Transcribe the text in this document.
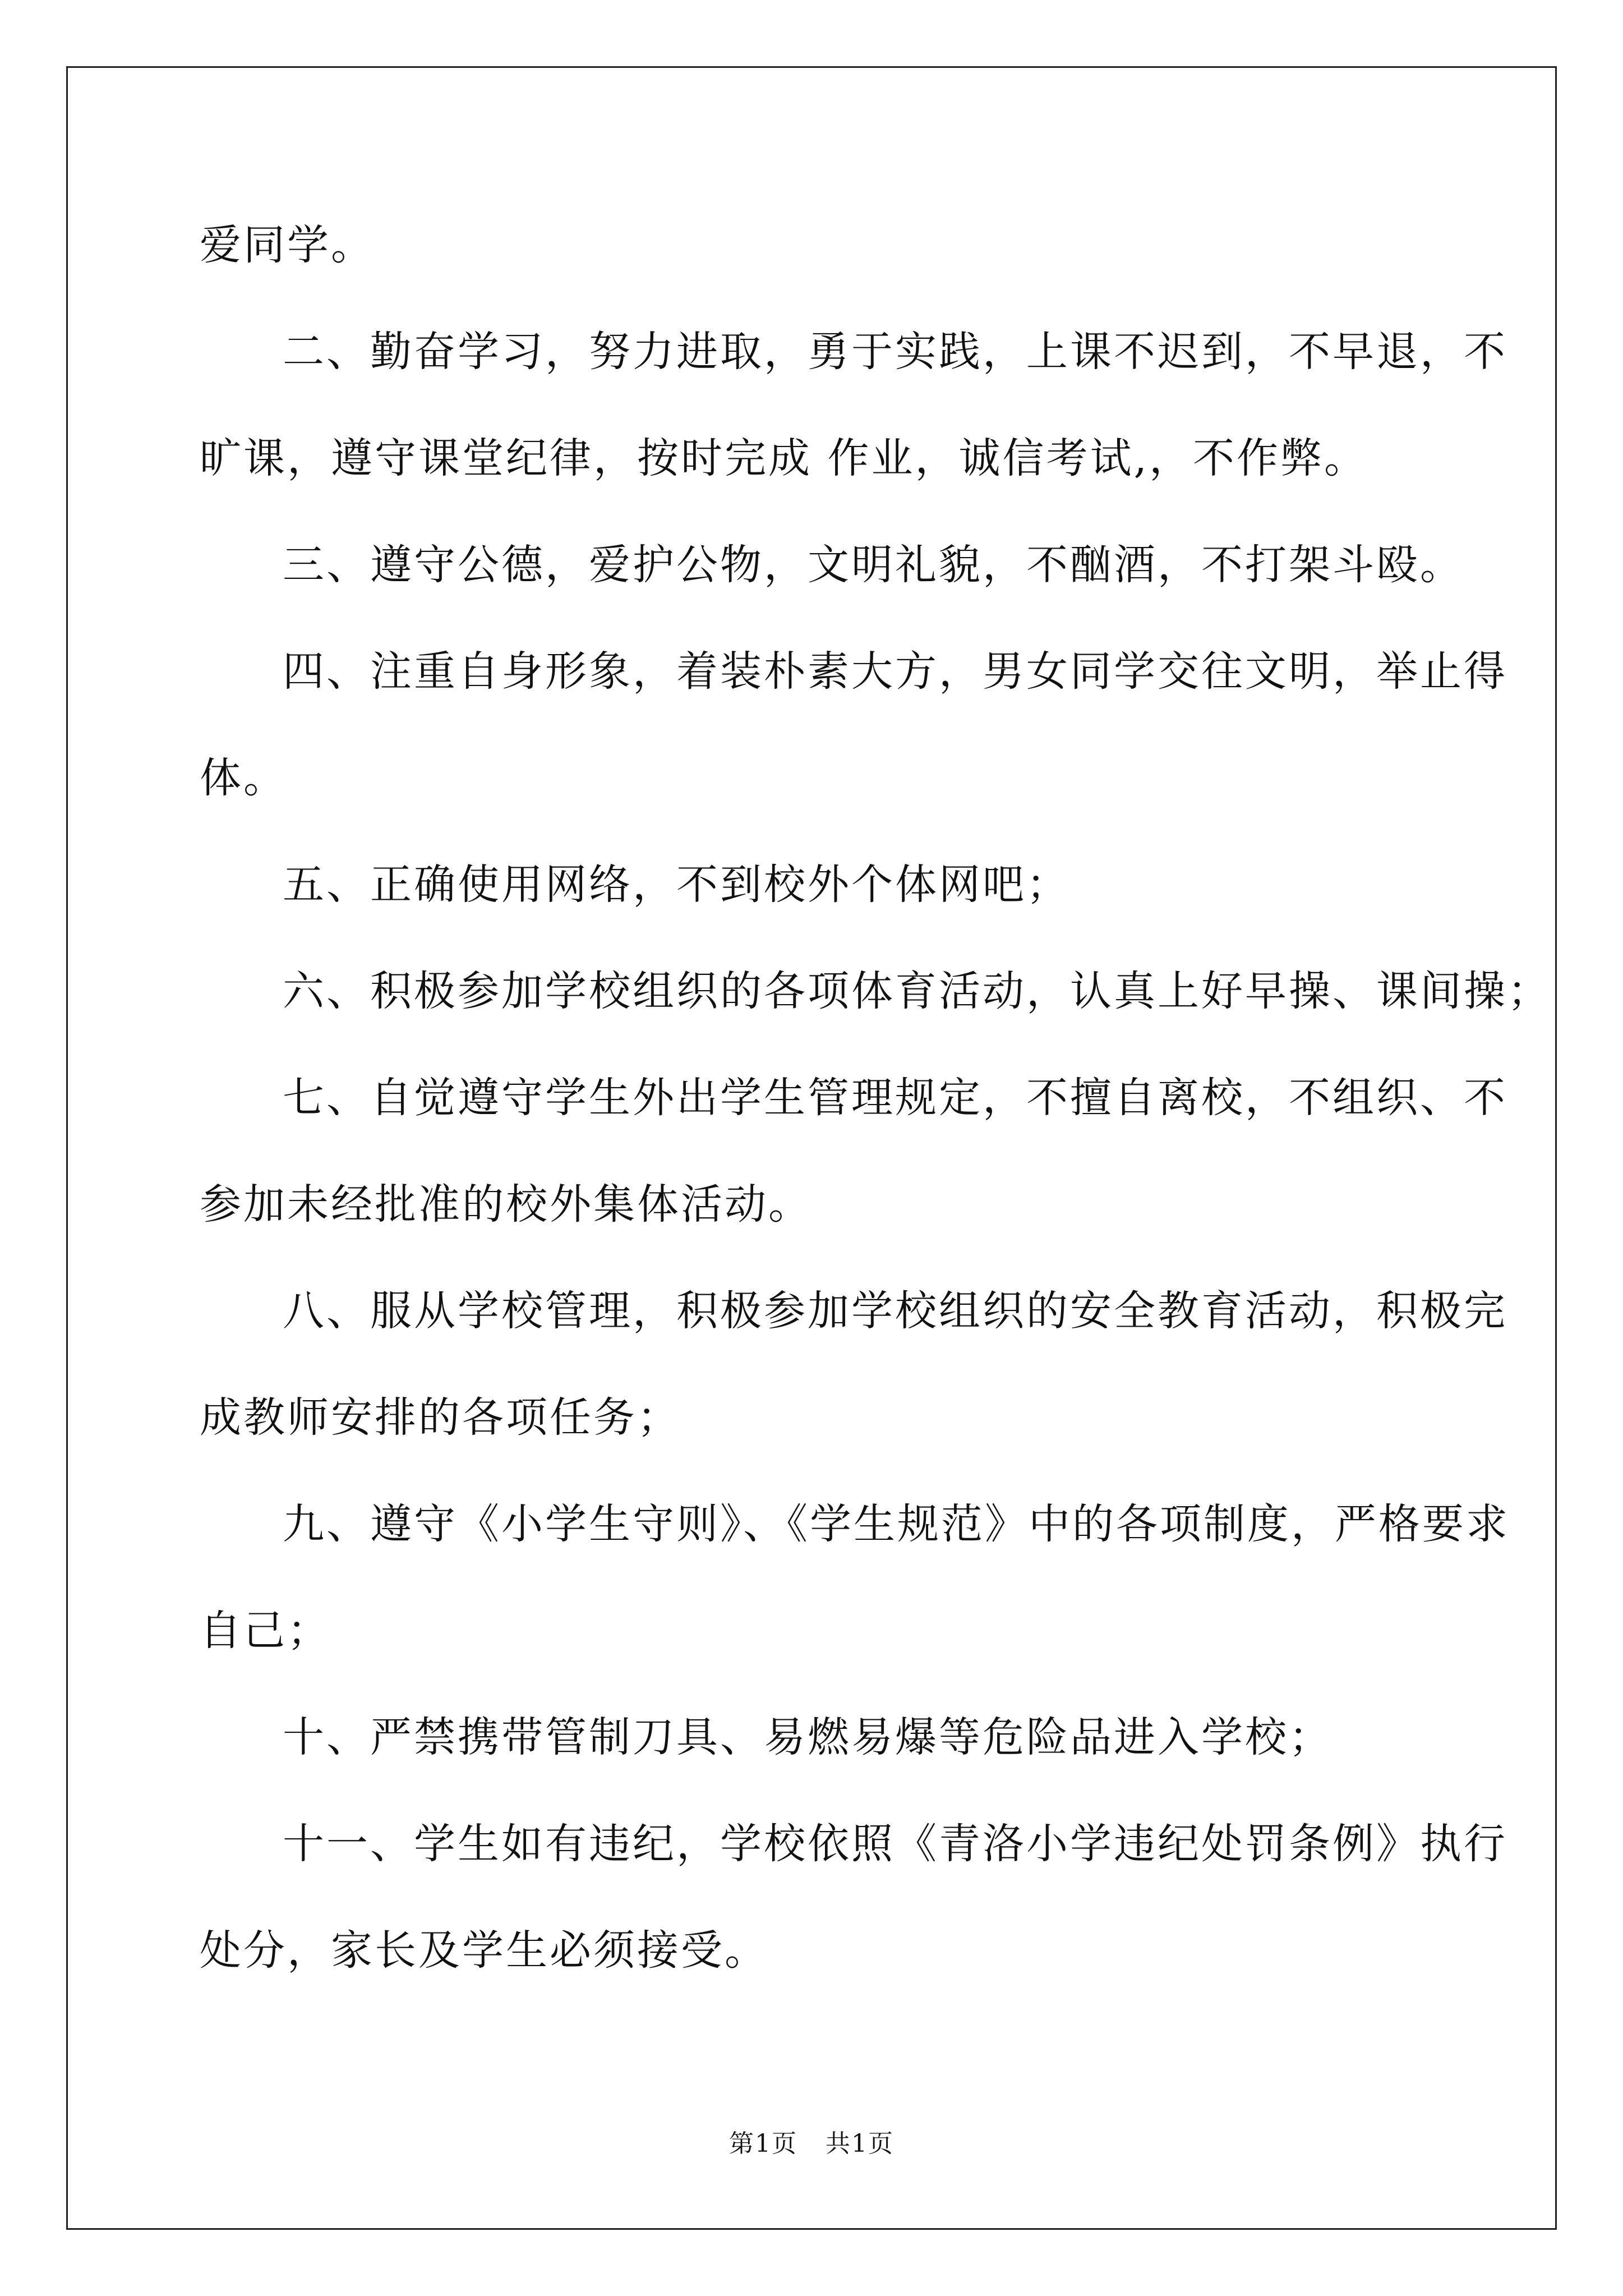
爱同学。
二、勤奋学习，努力进取，勇于实践，上课不迟到，不早退，不
旷课，遵守课堂纪律，按时完成 作业，诚信考试,，不作弊。
三、遵守公德，爱护公物，文明礼貌，不酗酒，不打架斗殴。
四、注重自身形象，着装朴素大方，男女同学交往文明，举止得
体。
五、正确使用网络，不到校外个体网吧；
六、积极参加学校组织的各项体育活动，认真上好早操、课间操；
七、自觉遵守学生外出学生管理规定，不擅自离校，不组织、不
参加未经批准的校外集体活动。
八、服从学校管理，积极参加学校组织的安全教育活动，积极完
成教师安排的各项任务；
九、遵守《小学生守则》、《学生规范》中的各项制度，严格要求
自己；
十、严禁携带管制刀具、易燃易爆等危险品进入学校；
十一、学生如有违纪，学校依照《青洛小学违纪处罚条例》执行
处分，家长及学生必须接受。
第1页 共1页
